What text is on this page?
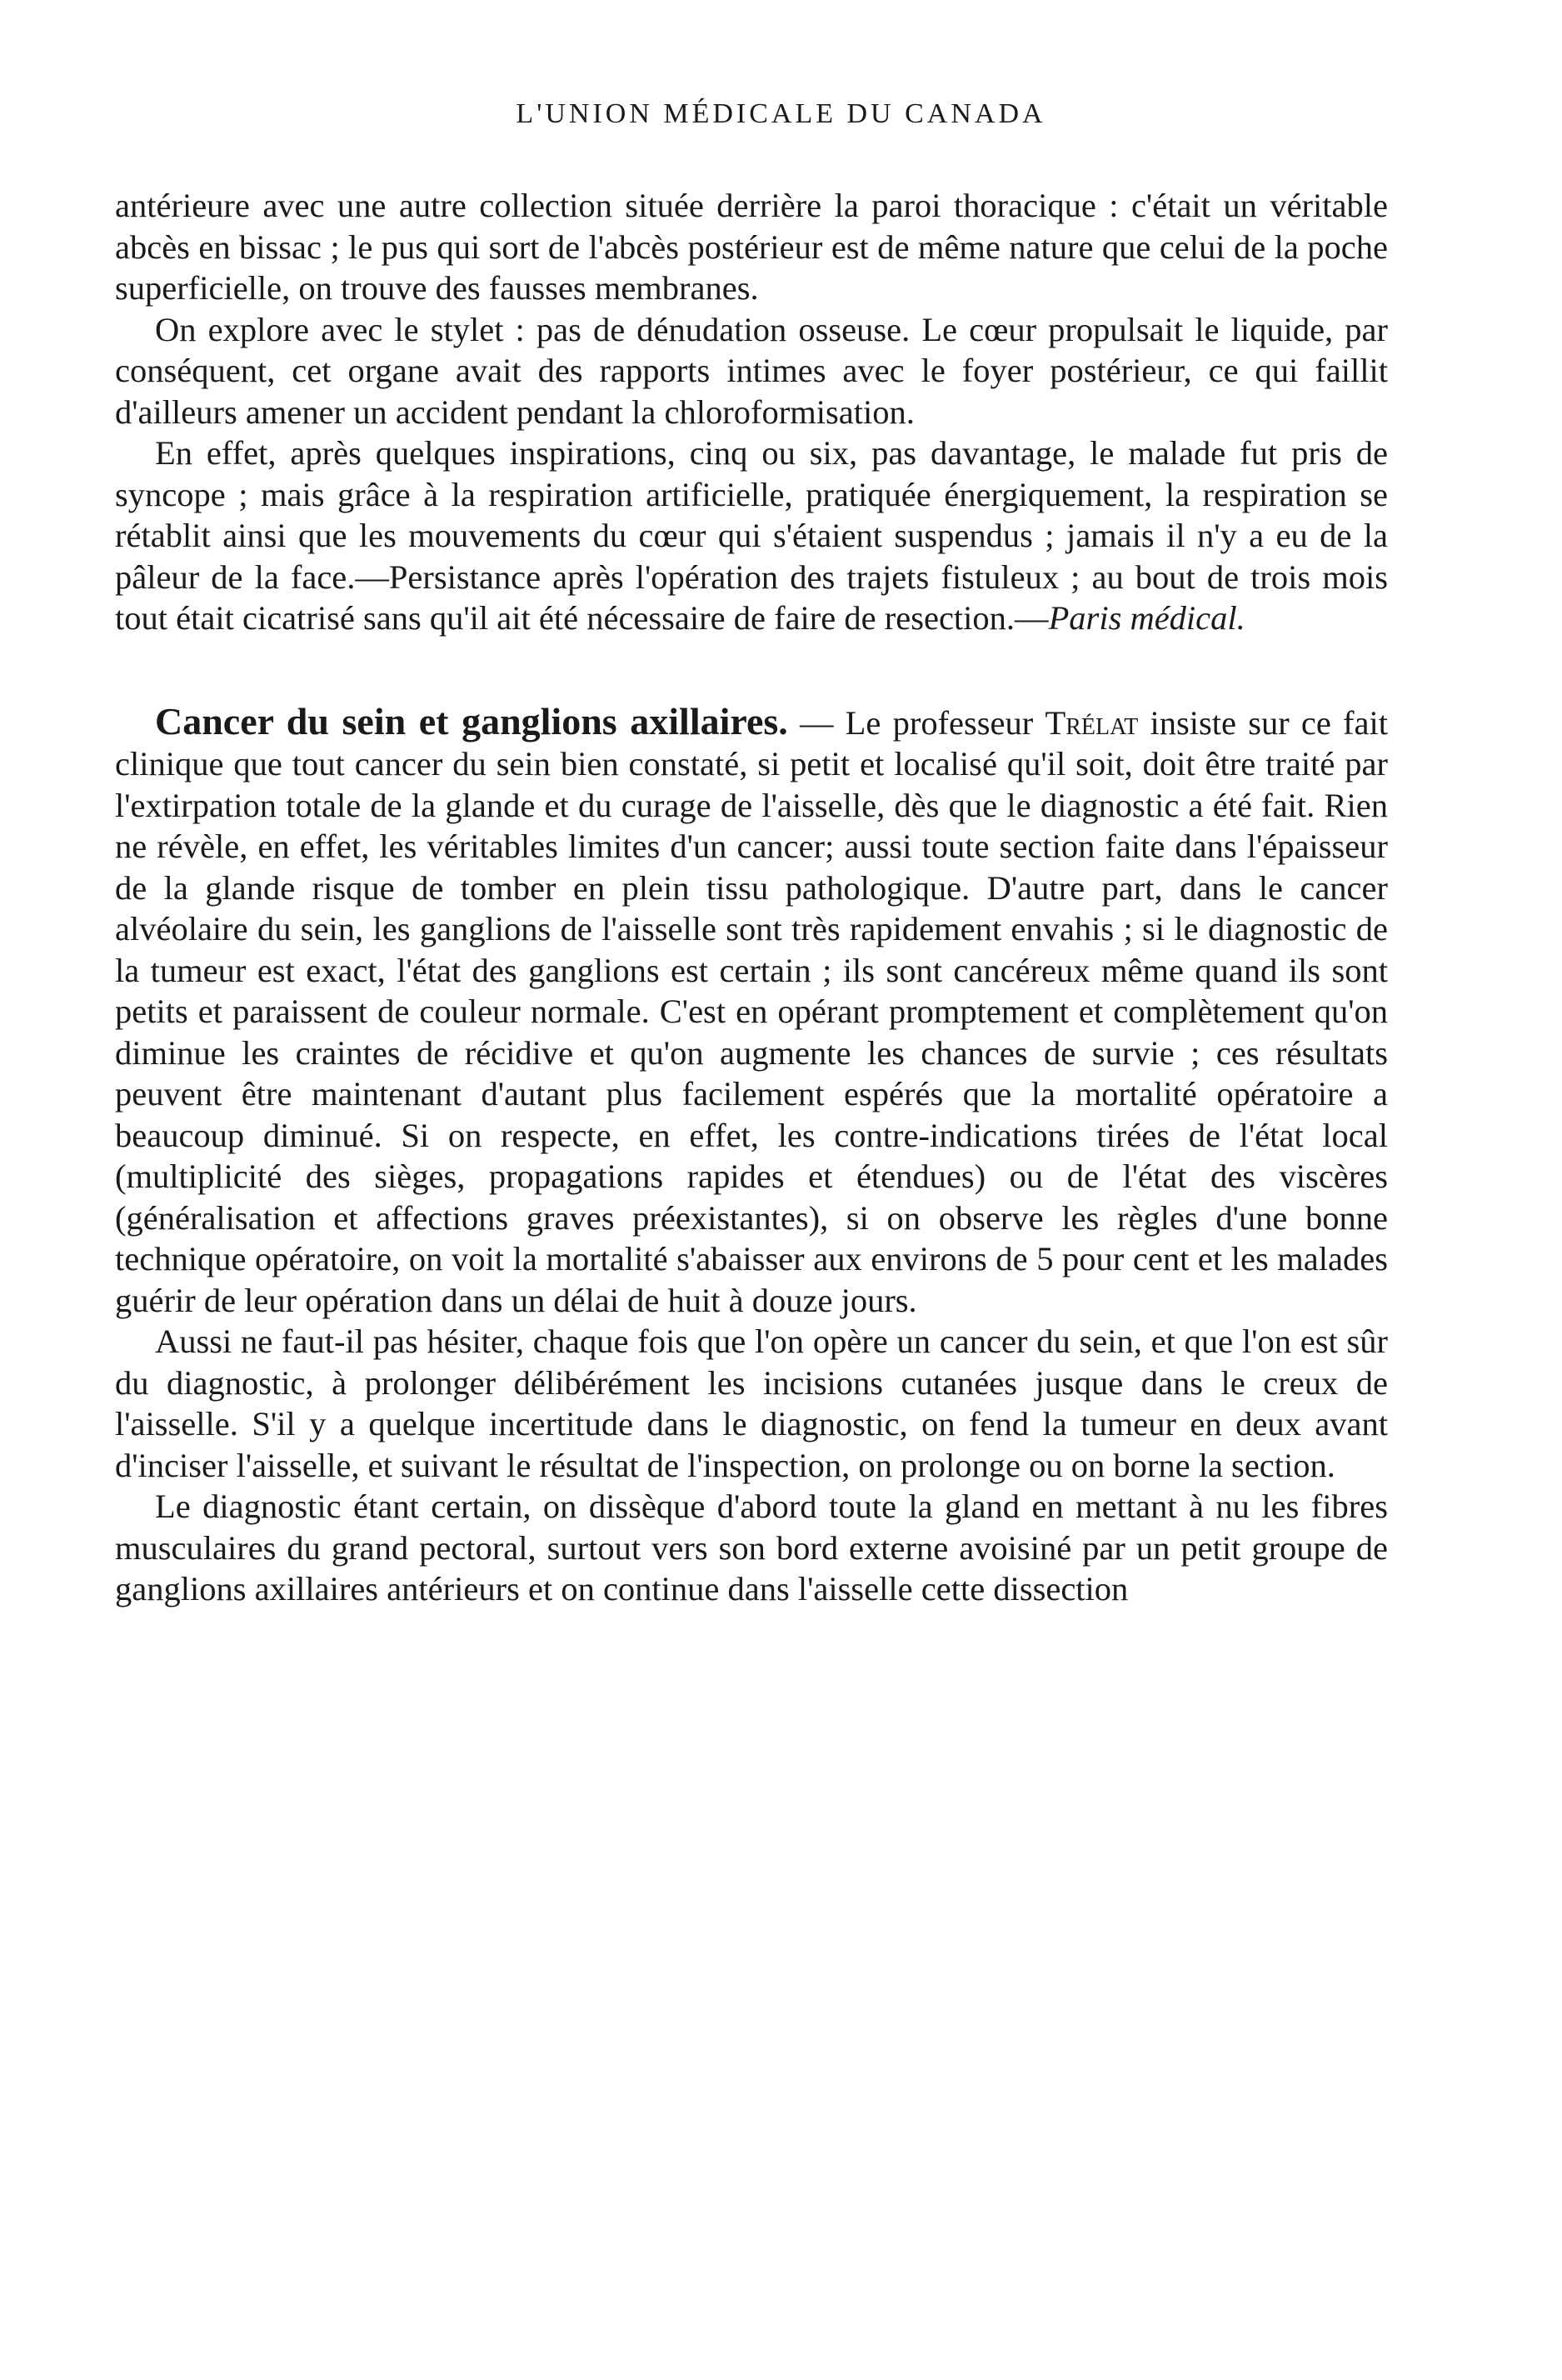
L'UNION MÉDICALE DU CANADA

antérieure avec une autre collection située derrière la paroi thoracique : c'était un véritable abcès en bissac ; le pus qui sort de l'abcès postérieur est de même nature que celui de la poche superficielle, on trouve des fausses membranes.

On explore avec le stylet : pas de dénudation osseuse. Le cœur propulsait le liquide, par conséquent, cet organe avait des rapports intimes avec le foyer postérieur, ce qui faillit d'ailleurs amener un accident pendant la chloroformisation.

En effet, après quelques inspirations, cinq ou six, pas davantage, le malade fut pris de syncope ; mais grâce à la respiration artificielle, pratiquée énergiquement, la respiration se rétablit ainsi que les mouvements du cœur qui s'étaient suspendus ; jamais il n'y a eu de la pâleur de la face.—Persistance après l'opération des trajets fistuleux ; au bout de trois mois tout était cicatrisé sans qu'il ait été nécessaire de faire de resection.—Paris médical.

Cancer du sein et ganglions axillaires. — Le professeur Trélat insiste sur ce fait clinique que tout cancer du sein bien constaté, si petit et localisé qu'il soit, doit être traité par l'extirpation totale de la glande et du curage de l'aisselle, dès que le diagnostic a été fait. Rien ne révèle, en effet, les véritables limites d'un cancer; aussi toute section faite dans l'épaisseur de la glande risque de tomber en plein tissu pathologique. D'autre part, dans le cancer alvéolaire du sein, les ganglions de l'aisselle sont très rapidement envahis ; si le diagnostic de la tumeur est exact, l'état des ganglions est certain ; ils sont cancéreux même quand ils sont petits et paraissent de couleur normale. C'est en opérant promptement et complètement qu'on diminue les craintes de récidive et qu'on augmente les chances de survie ; ces résultats peuvent être maintenant d'autant plus facilement espérés que la mortalité opératoire a beaucoup diminué. Si on respecte, en effet, les contre-indications tirées de l'état local (multiplicité des sièges, propagations rapides et étendues) ou de l'état des viscères (généralisation et affections graves préexistantes), si on observe les règles d'une bonne technique opératoire, on voit la mortalité s'abaisser aux environs de 5 pour cent et les malades guérir de leur opération dans un délai de huit à douze jours.

Aussi ne faut-il pas hésiter, chaque fois que l'on opère un cancer du sein, et que l'on est sûr du diagnostic, à prolonger délibérément les incisions cutanées jusque dans le creux de l'aisselle. S'il y a quelque incertitude dans le diagnostic, on fend la tumeur en deux avant d'inciser l'aisselle, et suivant le résultat de l'inspection, on prolonge ou on borne la section.

Le diagnostic étant certain, on dissèque d'abord toute la gland en mettant à nu les fibres musculaires du grand pectoral, surtout vers son bord externe avoisiné par un petit groupe de ganglions axillaires antérieurs et on continue dans l'aisselle cette dissection
